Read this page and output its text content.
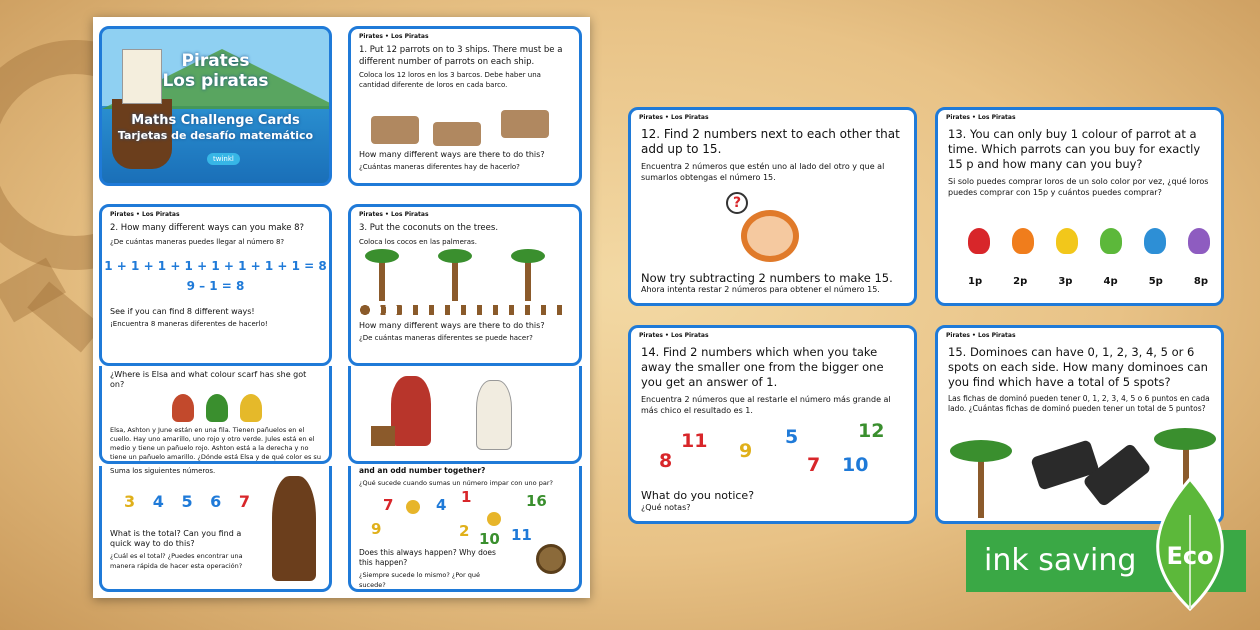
Pirates
Los piratas
Maths Challenge Cards
Tarjetas de desafío matemático
twinkl
Pirates • Los Piratas
1. Put 12 parrots on to 3 ships. There must be a different number of parrots on each ship.
Coloca los 12 loros en los 3 barcos. Debe haber una cantidad diferente de loros en cada barco.
How many different ways are there to do this?
¿Cuántas maneras diferentes hay de hacerlo?
Pirates • Los Piratas
2. How many different ways can you make 8?
¿De cuántas maneras puedes llegar al número 8?
1 + 1 + 1 + 1 + 1 + 1 + 1 + 1 = 8
9 – 1 = 8
See if you can find 8 different ways!
¡Encuentra 8 maneras diferentes de hacerlo!
Pirates • Los Piratas
3. Put the coconuts on the trees.
Coloca los cocos en las palmeras.
How many different ways are there to do this?
¿De cuántas maneras diferentes se puede hacer?
¿Where is Elsa and what colour scarf has she got on?
Elsa, Ashton y June están en una fila. Tienen pañuelos en el cuello. Hay uno amarillo, uno rojo y otro verde. Jules está en el medio y tiene un pañuelo rojo. Ashton está a la derecha y no tiene un pañuelo amarillo. ¿Dónde está Elsa y de qué color es su
Suma los siguientes números.
3 4 5 6 7
What is the total? Can you find a quick way to do this?
¿Cuál es el total? ¿Puedes encontrar una manera rápida de hacer esta operación?
and an odd number together?
¿Qué sucede cuando sumas un número impar con uno par?
7	4 1	16
9	2 10 11
Does this always happen? Why does this happen?
¿Siempre sucede lo mismo? ¿Por qué sucede?
Pirates • Los Piratas
12. Find 2 numbers next to each other that add up to 15.
Encuentra 2 números que estén uno al lado del otro y que al sumarlos obtengas el número 15.
?
Now try subtracting 2 numbers to make 15.
Ahora intenta restar 2 números para obtener el número 15.
Pirates • Los Piratas
13. You can only buy 1 colour of parrot at a time. Which parrots can you buy for exactly 15 p and how many can you buy?
Si solo puedes comprar loros de un solo color por vez, ¿qué loros puedes comprar con 15p y cuántos puedes comprar?
1p	2p	3p	4p	5p	8p
Pirates • Los Piratas
14. Find 2 numbers which when you take away the smaller one from the bigger one you get an answer of 1.
Encuentra 2 números que al restarle el número más grande al más chico el resultado es 1.
11	5	12
8	9
7 10
What do you notice?
¿Qué notas?
Pirates • Los Piratas
15. Dominoes can have 0, 1, 2, 3, 4, 5 or 6 spots on each side. How many dominoes can you find which have a total of 5 spots?
Las fichas de dominó pueden tener 0, 1, 2, 3, 4, 5 o 6 puntos en cada lado. ¿Cuántas fichas de dominó pueden tener un total de 5 puntos?
ink saving	Eco
